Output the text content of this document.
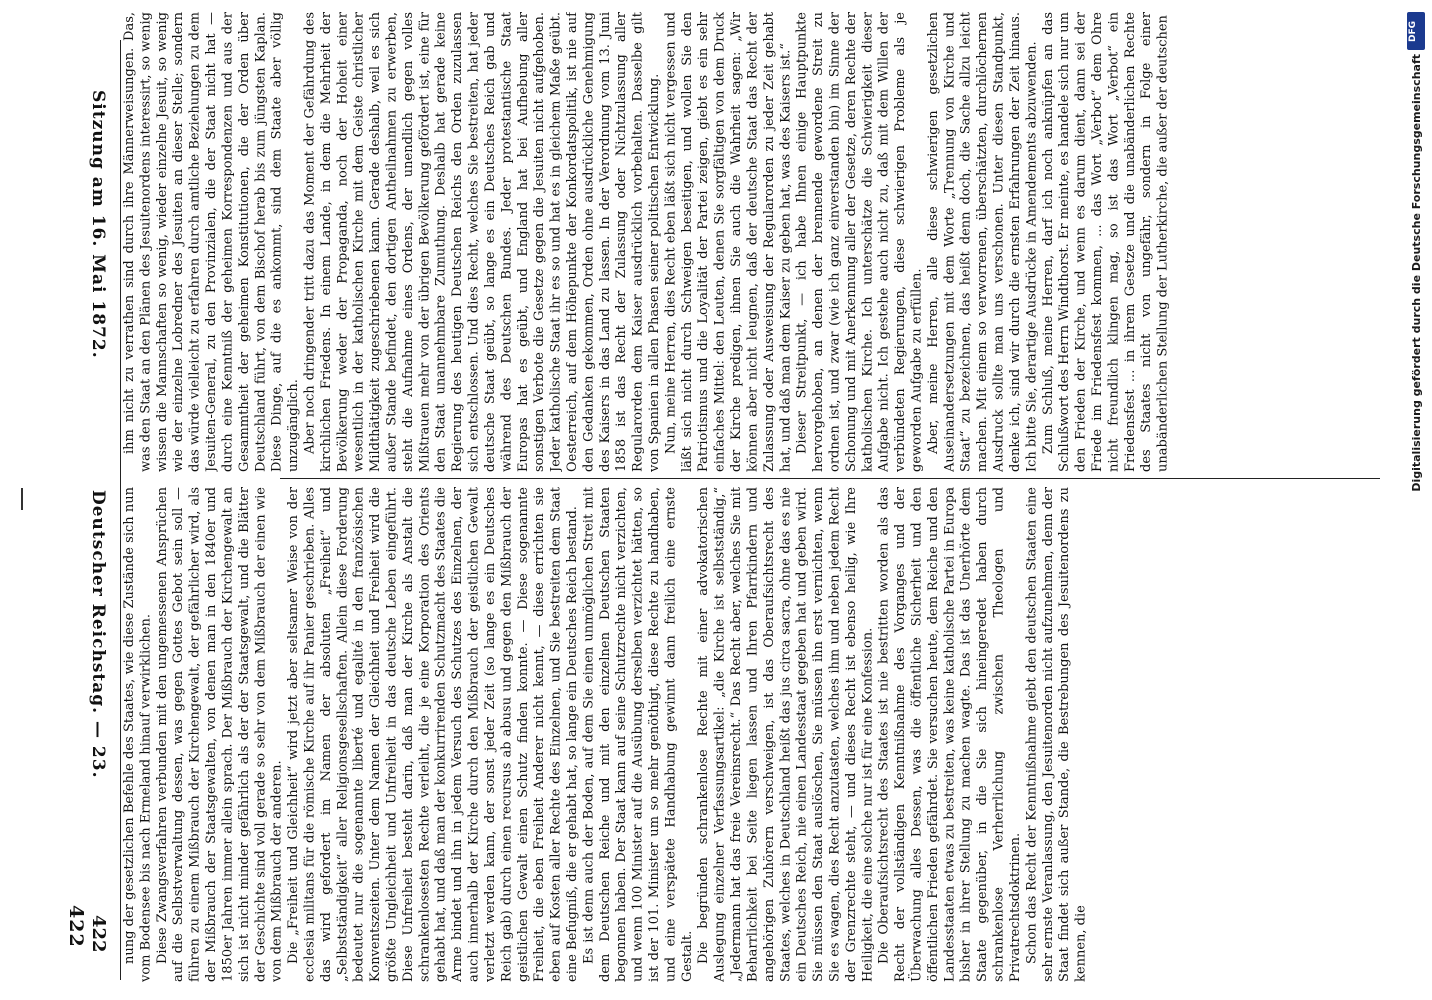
422 422
Deutscher Reichstag. — 23.
Sitzung am 16. Mai 1872.

nung der gesetzlichen Befehle des Staates, wie diese Zustände sich nun vom Bodensee bis nach Ermeland hinauf verwirklichen. Diese Zwangsverfahren verbunden mit den ungemessenen Ansprüchen auf die Selbstverwaltung dessen, was gegen Gottes Gebot sein soll — führen zu einem Mißbrauch der Kirchengewalt, der gefährlicher wird, als der Mißbrauch der Staatsgewalten, von denen man in den 1840er und 1850er Jahren immer allein sprach. Der Mißbrauch der Kirchengewalt an sich ist nicht minder gefährlich als der der Staatsgewalt, und die Blätter der Geschichte sind voll gerade so sehr von dem Mißbrauch der einen wie von dem Mißbrauch der anderen. Die „Freiheit und Gleichheit“ wird jetzt aber seltsamer Weise von der ecclesia militans für die römische Kirche auf ihr Panier geschrieben. Alles das wird gefordert im Namen der absoluten „Freiheit“ und „Selbstständigkeit“ aller Religionsgesellschaften. Allein diese Forderung bedeutet nur die sogenannte liberté und egalité in den französischen Konventszeiten. Unter dem Namen der Gleichheit und Freiheit wird die größte Ungleichheit und Unfreiheit in das deutsche Leben eingeführt. Diese Unfreiheit besteht darin, daß man der Kirche als Anstalt die schrankenlosesten Rechte verleiht, die je eine Korporation des Orients gehabt hat, und daß man der konkurrirenden Schutzmacht des Staates die Arme bindet und ihn in jedem Versuch des Schutzes des Einzelnen, der auch innerhalb der Kirche durch den Mißbrauch der geistlichen Gewalt verletzt werden kann, der sonst jeder Zeit (so lange es ein Deutsches Reich gab) durch einen recursus ab abusu und gegen den Mißbrauch der geistlichen Gewalt einen Schutz finden konnte. — Diese sogenannte Freiheit, die eben Freiheit Anderer nicht kennt, — diese errichten sie eben auf Kosten aller Rechte des Einzelnen, und Sie bestreiten dem Staat eine Befugniß, die er gehabt hat, so lange ein Deutsches Reich bestand. Es ist denn auch der Boden, auf dem Sie einen unmöglichen Streit mit dem Deutschen Reiche und mit den einzelnen Deutschen Staaten begonnen haben. Der Staat kann auf seine Schutzrechte nicht verzichten, und wenn 100 Minister auf die Ausübung derselben verzichtet hätten, so ist der 101. Minister um so mehr genöthigt, diese Rechte zu handhaben, und eine verspätete Handhabung gewinnt dann freilich eine ernste Gestalt. Die begründen schrankenlose Rechte mit einer advokatorischen Auslegung einzelner Verfassungsartikel: „die Kirche ist selbstständig,“ „Jedermann hat das freie Vereinsrecht.“ Das Recht aber, welches Sie mit Beharrlichkeit bei Seite liegen lassen und Ihren Pfarrkindern und angehörigen Zuhörern verschweigen, ist das Oberaufsichtsrecht des Staates, welches in Deutschland heißt das jus circa sacra, ohne das es nie ein Deutsches Reich, nie einen Landesstaat gegeben hat und geben wird. Sie müssen den Staat auslöschen, Sie müssen ihn erst vernichten, wenn Sie es wagen, dies Recht anzutasten, welches ihm und neben jedem Recht der Grenzrechte steht, — und dieses Recht ist ebenso heilig, wie Ihre Heiligkeit, die eine solche nur ist für eine Konfession. Die Oberaufsichtsrecht des Staates ist nie bestritten worden als das Recht der vollständigen Kenntnißnahme des Vorganges und der Überwachung alles Dessen, was die öffentliche Sicherheit und den öffentlichen Frieden gefährdet. Sie versuchen heute, dem Reiche und den Landesstaaten etwas zu bestreiten, was keine katholische Partei in Europa bisher in ihrer Stellung zu machen wagte. Das ist das Unerhörte dem Staate gegenüber, in die Sie sich hineingeredet haben durch schrankenlose Verherrlichung zwischen Theologen und Privatrechtsdoktrinen. Schon das Recht der Kenntnißnahme giebt den deutschen Staaten eine sehr ernste Veranlassung, den Jesuitenorden nicht aufzunehmen, denn der Staat findet sich außer Stande, die Bestrebungen des Jesuitenordens zu kennen, die

ihm nicht zu verrathen sind durch ihre Männerweisungen. Das, was den Staat an den Plänen des Jesuitenordens interessirt, so wenig wissen die Mannschaften so wenig, wieder einzelne Jesuit, so wenig wie der einzelne Lobredner des Jesuiten an dieser Stelle; sondern das würde vielleicht zu erfahren durch amtliche Beziehungen zu dem Jesuiten-General, zu den Provinzialen, die der Staat nicht hat — durch eine Kenntniß der geheimen Korrespondenzen und aus der Gesammtheit der geheimen Konstitutionen, die der Orden über Deutschland führt, von dem Bischof herab bis zum jüngsten Kaplan. Diese Dinge, auf die es ankommt, sind dem Staate aber völlig unzugänglich. Aber noch dringender tritt dazu das Moment der Gefährdung des kirchlichen Friedens. In einem Lande, in dem die Mehrheit der Bevölkerung weder der Propaganda, noch der Hoheit einer wesentlich in der katholischen Kirche mit dem Geiste christlicher Mildthätigkeit zugeschriebenen kann. Gerade deshalb, weil es sich außer Stande befindet, den dortigen Antheilnahmen zu erwerben, steht die Aufnahme eines Ordens, der unendlich gegen volles Mißtrauen mehr von der übrigen Bevölkerung gefördert ist, eine für den Staat unannehmbare Zumuthung. Deshalb hat gerade keine Regierung des heutigen Deutschen Reichs den Orden zuzulassen sich entschlossen. Und dies Recht, welches Sie bestreiten, hat jeder deutsche Staat geübt, so lange es ein Deutsches Reich gab und während des Deutschen Bundes. Jeder protestantische Staat Europas hat es geübt, und England hat bei Aufhebung aller sonstigen Verbote die Gesetze gegen die Jesuiten nicht aufgehoben. Jeder katholische Staat ihr es so und hat es in gleichem Maße geübt. Oesterreich, auf dem Höhepunkte der Konkordatspolitik, ist nie auf den Gedanken gekommen, Orden ohne ausdrückliche Genehmigung des Kaisers in das Land zu lassen. In der Verordnung vom 13. Juni 1858 ist das Recht der Zulassung oder Nichtzulassung aller Regularorden dem Kaiser ausdrücklich vorbehalten. Dasselbe gilt von Spanien in allen Phasen seiner politischen Entwicklung. Nun, meine Herren, dies Recht eben läßt sich nicht vergessen und läßt sich nicht durch Schweigen beseitigen, und wollen Sie den Patriotismus und die Loyalität der Partei zeigen, giebt es ein sehr einfaches Mittel: den Leuten, denen Sie sorgfältigen von dem Druck der Kirche predigen, ihnen Sie auch die Wahrheit sagen: „Wir können aber nicht leugnen, daß der deutsche Staat das Recht der Zulassung oder Ausweisung der Regularorden zu jeder Zeit gehabt hat, und daß man dem Kaiser zu geben hat, was des Kaisers ist.“ Dieser Streitpunkt, — ich habe Ihnen einige Hauptpunkte hervorgehoben, an denen der brennende gewordene Streit zu ordnen ist, und zwar (wie ich ganz einverstanden bin) im Sinne der Schonung und mit Anerkennung aller der Gesetze, deren Rechte der katholischen Kirche. Ich unterschätze die Schwierigkeit dieser Aufgabe nicht. Ich gestehe auch nicht zu, daß mit dem Willen der verbündeten Regierungen, diese schwierigen Probleme als je geworden Aufgabe zu erfüllen. Aber, meine Herren, alle diese schwierigen gesetzlichen Auseinandersetzungen mit dem Worte „Trennung von Kirche und Staat“ zu bezeichnen, das heißt denn doch, die Sache allzu leicht machen. Mit einem so verworrenen, überschätzten, durchlöchernen Ausdruck sollte man uns verschonen. Unter diesen Standpunkt, denke ich, sind wir durch die ernsten Erfahrungen der Zeit hinaus. Ich bitte Sie, derartige Ausdrücke in Amendements abzuwenden. Zum Schluß, meine Herren, darf ich noch anknüpfen an das Schlußwort des Herrn Windthorst. Er meinte, es handele sich nur um den Frieden der Kirche, und wenn es darum dient, dann sei der Friede im Friedensfest kommen, ... das Wort „Verbot“ dem Ohre nicht freundlich klingen mag, so ist das Wort „Verbot“ ein Friedensfest ... in ihrem Gesetze und die unabänderlichen Rechte des Staates nicht von ungefähr, sondern in Folge einer unabänderlichen Stellung der Lutherkirche, die außer der deutschen	DFG
Digitalisierung gefördert durch die Deutsche Forschungsgemeinschaft
